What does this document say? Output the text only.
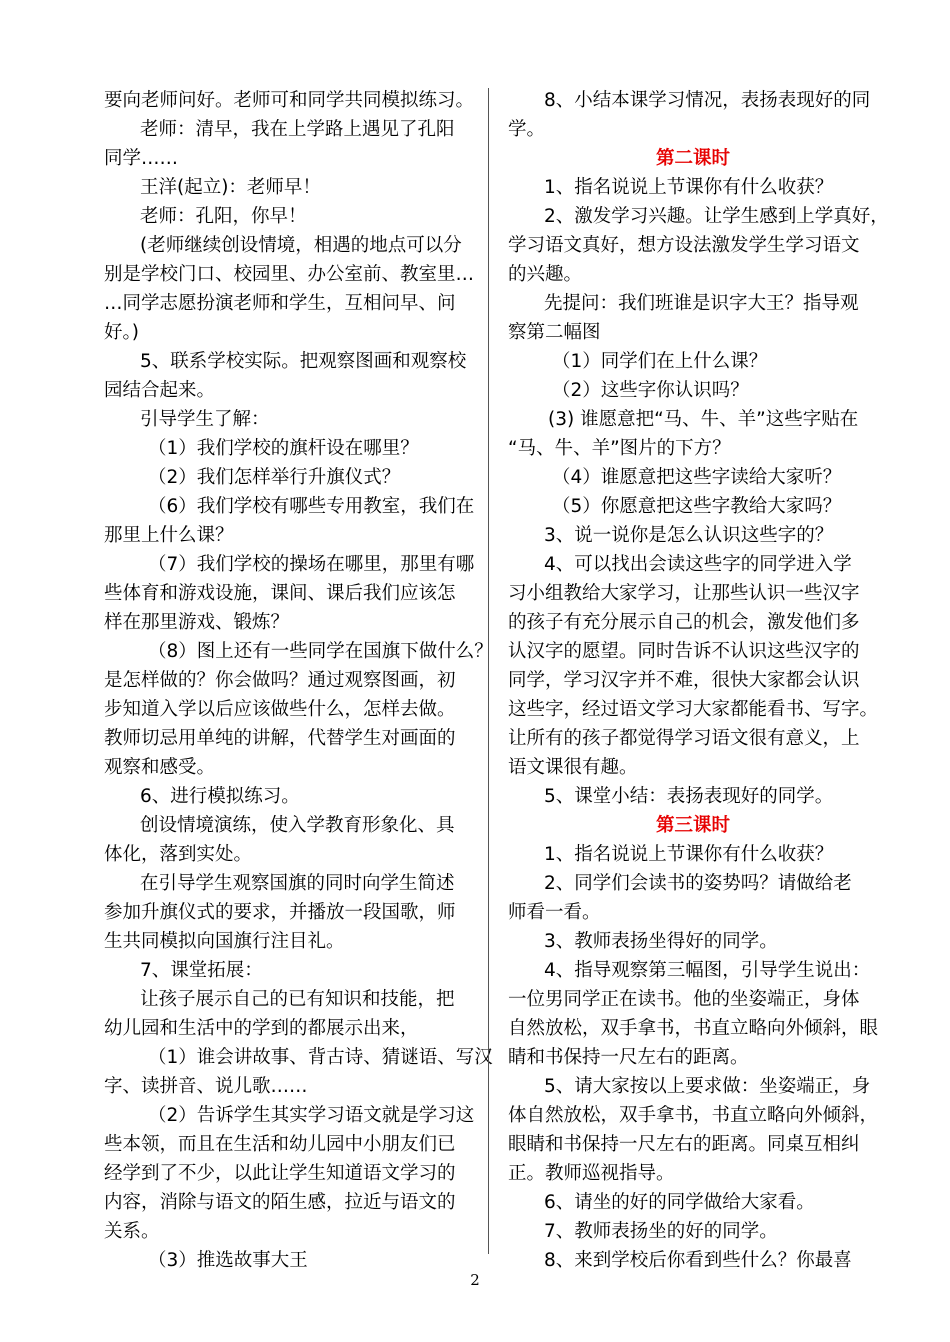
要向老师问好。老师可和同学共同模拟练习。

老师：清早，我在上学路上遇见了孔阳

同学……

王洋(起立)：老师早！

老师：孔阳，你早！

(老师继续创设情境，相遇的地点可以分

别是学校门口、校园里、办公室前、教室里…

…同学志愿扮演老师和学生，互相问早、问

好。)

5、联系学校实际。把观察图画和观察校

园结合起来。

引导学生了解：

（1）我们学校的旗杆设在哪里？

（2）我们怎样举行升旗仪式？

（6）我们学校有哪些专用教室，我们在

那里上什么课？

（7）我们学校的操场在哪里，那里有哪

些体育和游戏设施，课间、课后我们应该怎

样在那里游戏、锻炼？

（8）图上还有一些同学在国旗下做什么？

是怎样做的？你会做吗？通过观察图画，初

步知道入学以后应该做些什么，怎样去做。

教师切忌用单纯的讲解，代替学生对画面的

观察和感受。

6、进行模拟练习。

创设情境演练，使入学教育形象化、具

体化，落到实处。

在引导学生观察国旗的同时向学生简述

参加升旗仪式的要求，并播放一段国歌，师

生共同模拟向国旗行注目礼。

7、课堂拓展：

让孩子展示自己的已有知识和技能，把

幼儿园和生活中的学到的都展示出来，

（1）谁会讲故事、背古诗、猜谜语、写汉

字、读拼音、说儿歌……

（2）告诉学生其实学习语文就是学习这

些本领，而且在生活和幼儿园中小朋友们已

经学到了不少，以此让学生知道语文学习的

内容，消除与语文的陌生感，拉近与语文的

关系。

（3）推选故事大王

8、小结本课学习情况，表扬表现好的同

学。

第二课时

1、指名说说上节课你有什么收获？

2、激发学习兴趣。让学生感到上学真好，

学习语文真好，想方设法激发学生学习语文

的兴趣。

先提问：我们班谁是识字大王？指导观

察第二幅图

（1）同学们在上什么课？

（2）这些字你认识吗？

(3) 谁愿意把“马、牛、羊”这些字贴在

“马、牛、羊”图片的下方？

（4）谁愿意把这些字读给大家听？

（5）你愿意把这些字教给大家吗？

3、说一说你是怎么认识这些字的？

4、可以找出会读这些字的同学进入学

习小组教给大家学习，让那些认识一些汉字

的孩子有充分展示自己的机会，激发他们多

认汉字的愿望。同时告诉不认识这些汉字的

同学，学习汉字并不难，很快大家都会认识

这些字，经过语文学习大家都能看书、写字。

让所有的孩子都觉得学习语文很有意义，上

语文课很有趣。

5、课堂小结：表扬表现好的同学。

第三课时

1、指名说说上节课你有什么收获？

2、同学们会读书的姿势吗？请做给老

师看一看。

3、教师表扬坐得好的同学。

4、指导观察第三幅图，引导学生说出：

一位男同学正在读书。他的坐姿端正，身体

自然放松，双手拿书，书直立略向外倾斜，眼

睛和书保持一尺左右的距离。

5、请大家按以上要求做：坐姿端正，身

体自然放松，双手拿书，书直立略向外倾斜，

眼睛和书保持一尺左右的距离。同桌互相纠

正。教师巡视指导。

6、请坐的好的同学做给大家看。

7、教师表扬坐的好的同学。

8、来到学校后你看到些什么？你最喜

2
